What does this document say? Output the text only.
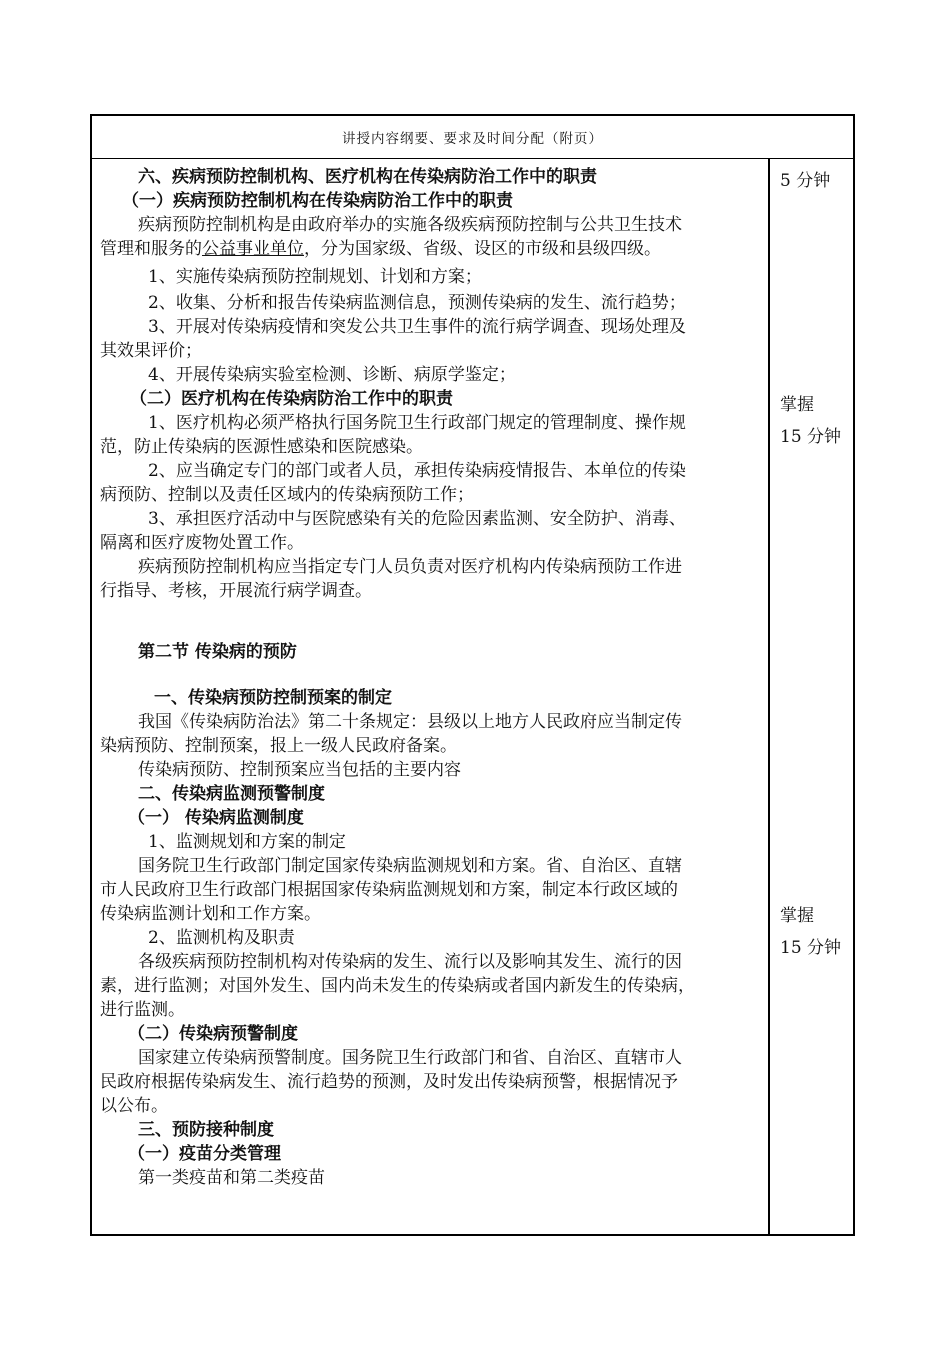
讲授内容纲要、要求及时间分配（附页）
六、疾病预防控制机构、医疗机构在传染病防治工作中的职责
（一）疾病预防控制机构在传染病防治工作中的职责
疾病预防控制机构是由政府举办的实施各级疾病预防控制与公共卫生技术
管理和服务的公益事业单位，分为国家级、省级、设区的市级和县级四级。
1、实施传染病预防控制规划、计划和方案；
2、收集、分析和报告传染病监测信息，预测传染病的发生、流行趋势；
3、开展对传染病疫情和突发公共卫生事件的流行病学调查、现场处理及
其效果评价；
4、开展传染病实验室检测、诊断、病原学鉴定；
（二）医疗机构在传染病防治工作中的职责
1、医疗机构必须严格执行国务院卫生行政部门规定的管理制度、操作规
范，防止传染病的医源性感染和医院感染。
2、应当确定专门的部门或者人员，承担传染病疫情报告、本单位的传染
病预防、控制以及责任区域内的传染病预防工作；
3、承担医疗活动中与医院感染有关的危险因素监测、安全防护、消毒、
隔离和医疗废物处置工作。
疾病预防控制机构应当指定专门人员负责对医疗机构内传染病预防工作进
行指导、考核，开展流行病学调查。
第二节 传染病的预防
一、传染病预防控制预案的制定
我国《传染病防治法》第二十条规定：县级以上地方人民政府应当制定传
染病预防、控制预案，报上一级人民政府备案。
传染病预防、控制预案应当包括的主要内容
二、传染病监测预警制度
（一） 传染病监测制度
1、监测规划和方案的制定
国务院卫生行政部门制定国家传染病监测规划和方案。省、自治区、直辖
市人民政府卫生行政部门根据国家传染病监测规划和方案，制定本行政区域的
传染病监测计划和工作方案。
2、监测机构及职责
各级疾病预防控制机构对传染病的发生、流行以及影响其发生、流行的因
素，进行监测；对国外发生、国内尚未发生的传染病或者国内新发生的传染病，
进行监测。
（二）传染病预警制度
国家建立传染病预警制度。国务院卫生行政部门和省、自治区、直辖市人
民政府根据传染病发生、流行趋势的预测，及时发出传染病预警，根据情况予
以公布。
三、预防接种制度
（一）疫苗分类管理
第一类疫苗和第二类疫苗
5 分钟
掌握
15 分钟
掌握
15 分钟
